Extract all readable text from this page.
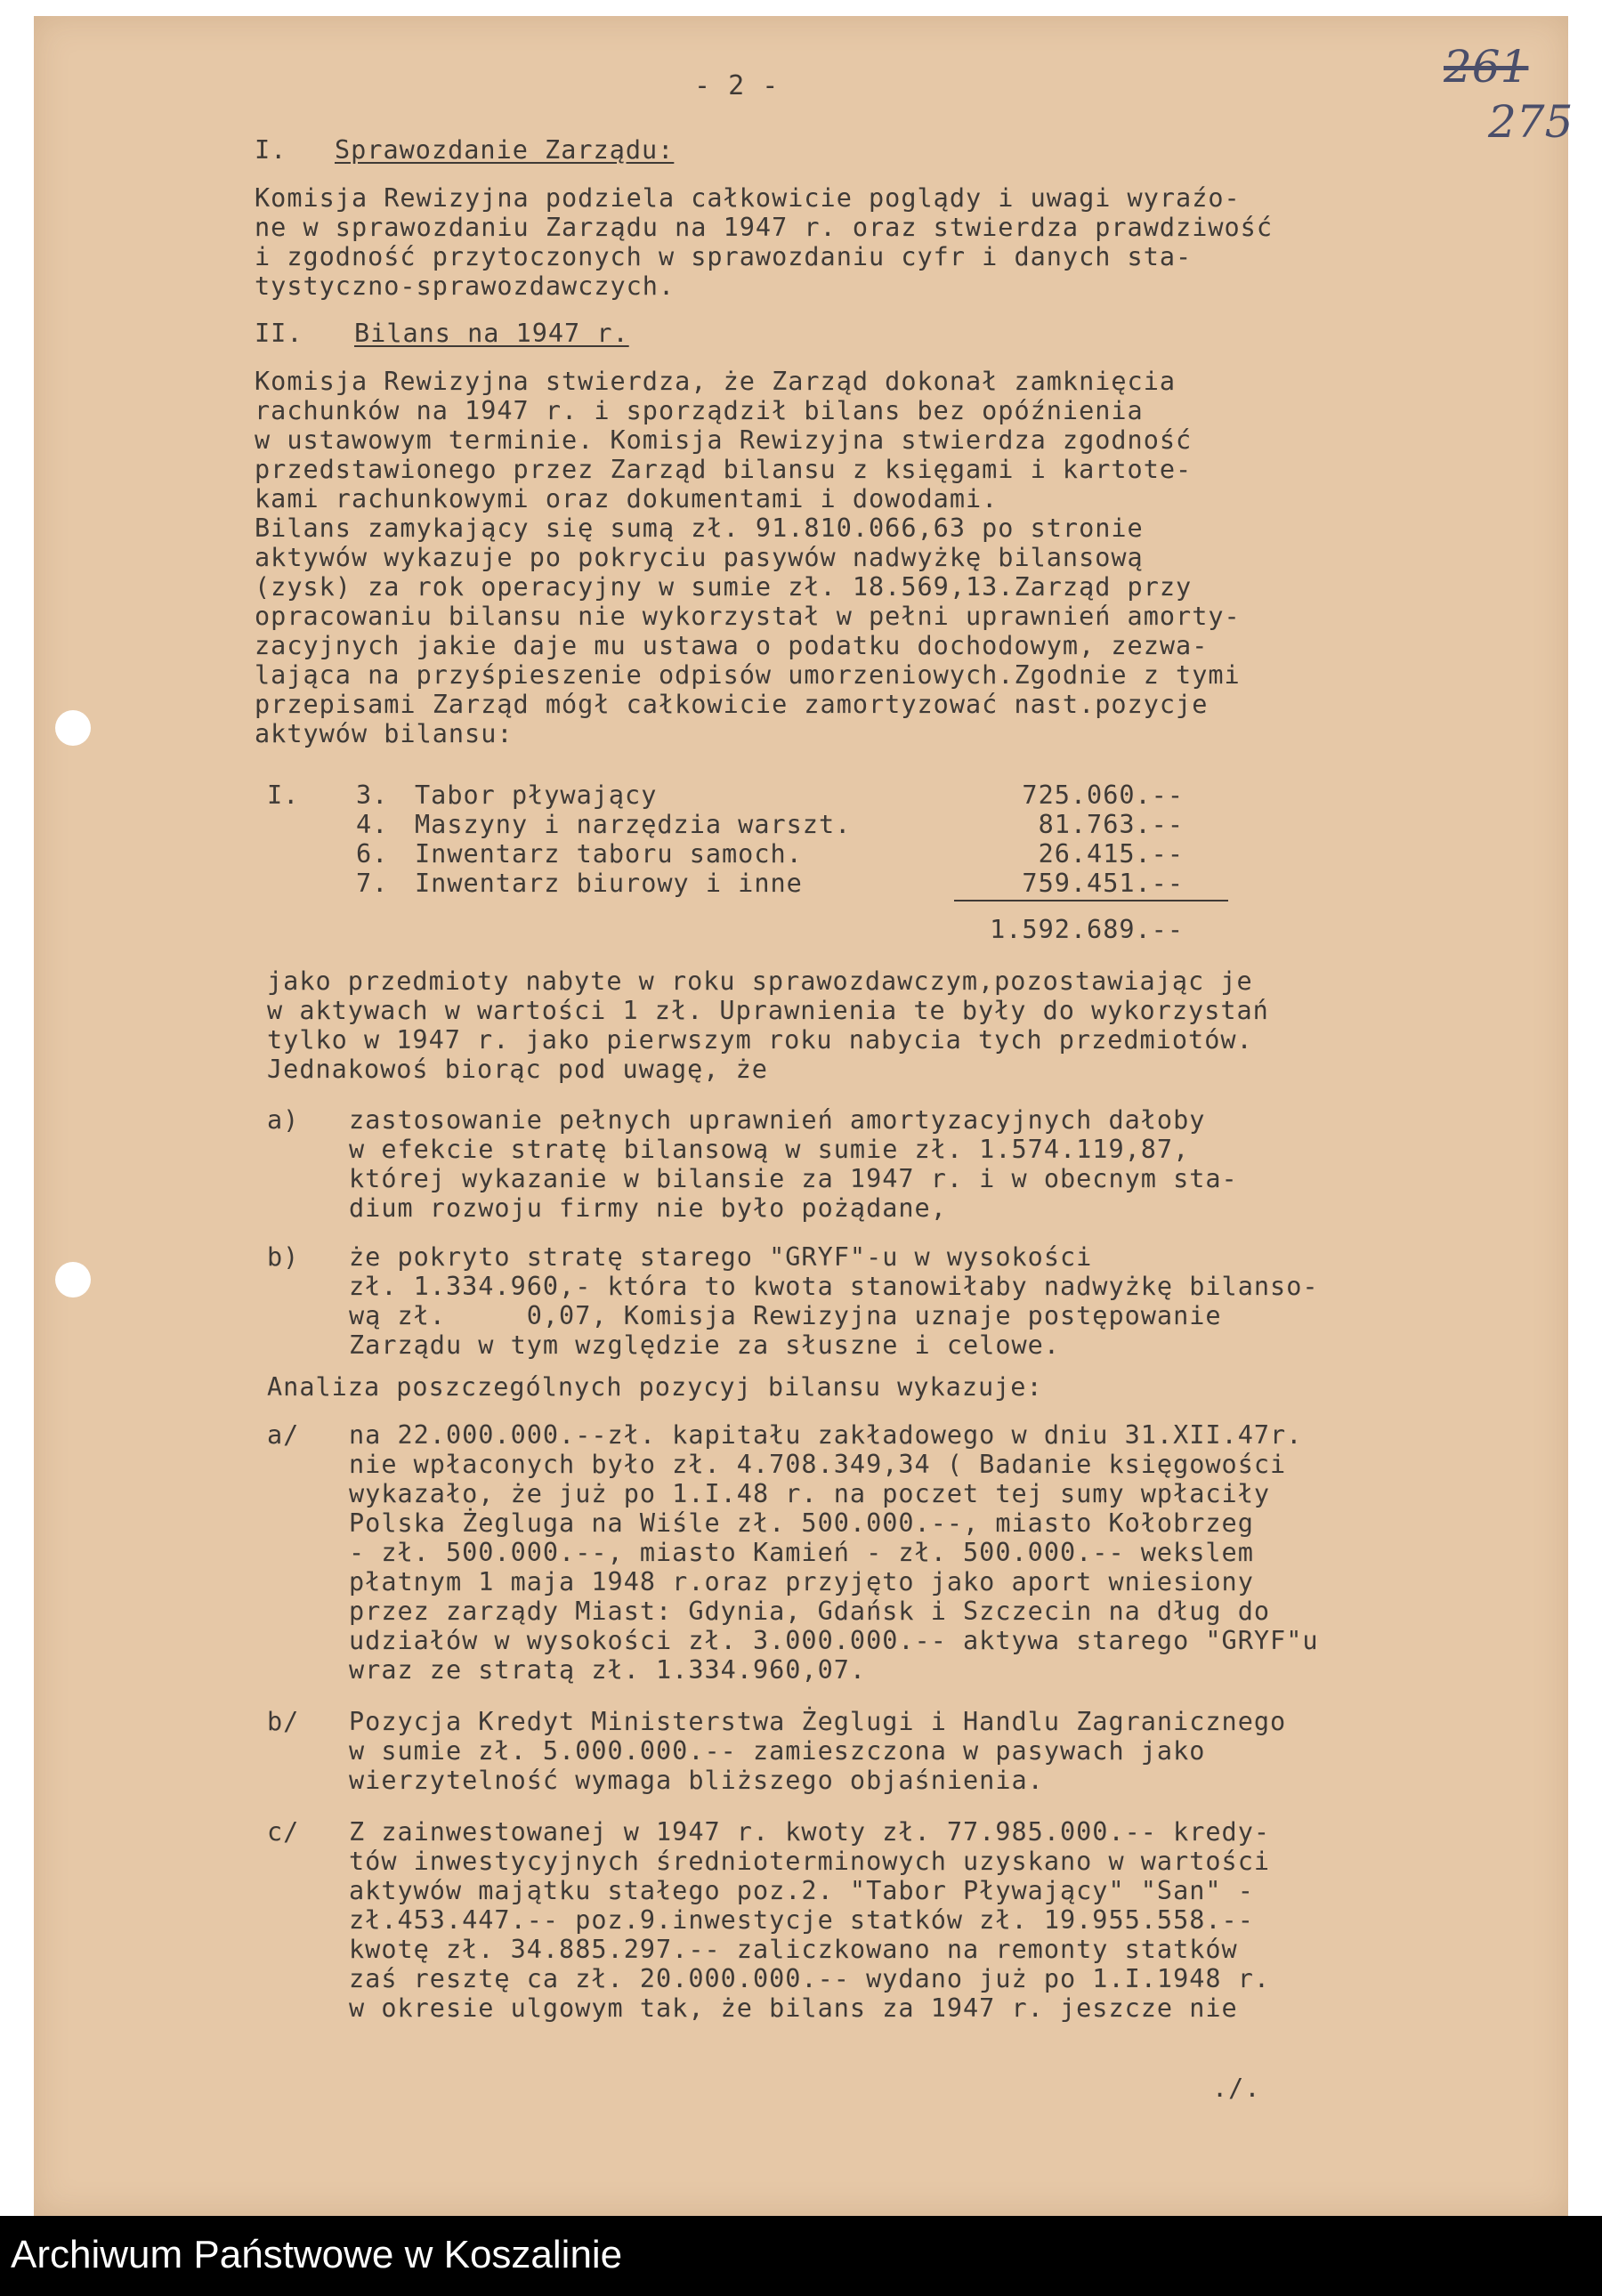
- 2 -	261
275
I. Sprawozdanie Zarządu:
Komisja Rewizyjna podziela całkowicie poglądy i uwagi wyraźo-
ne w sprawozdaniu Zarządu na 1947 r. oraz stwierdza prawdziwość
i zgodność przytoczonych w sprawozdaniu cyfr i danych sta-
tystyczno-sprawozdawczych.
II. Bilans na 1947 r.
Komisja Rewizyjna stwierdza, że Zarząd dokonał zamknięcia
rachunków na 1947 r. i sporządził bilans bez opóźnienia
w ustawowym terminie. Komisja Rewizyjna stwierdza zgodność
przedstawionego przez Zarząd bilansu z księgami i kartote-
kami rachunkowymi oraz dokumentami i dowodami.
Bilans zamykający się sumą zł. 91.810.066,63 po stronie
aktywów wykazuje po pokryciu pasywów nadwyżkę bilansową
(zysk) za rok operacyjny w sumie zł. 18.569,13.Zarząd przy
opracowaniu bilansu nie wykorzystał w pełni uprawnień amorty-
zacyjnych jakie daje mu ustawa o podatku dochodowym, zezwa-
lająca na przyśpieszenie odpisów umorzeniowych.Zgodnie z tymi
przepisami Zarząd mógł całkowicie zamortyzować nast.pozycje
aktywów bilansu:
I. 3. Tabor pływający	725.060.--
4. Maszyny i narzędzia warszt.	81.763.--
6. Inwentarz taboru samoch.	26.415.--
7. Inwentarz biurowy i inne	759.451.--
1.592.689.--
jako przedmioty nabyte w roku sprawozdawczym,pozostawiając je
w aktywach w wartości 1 zł. Uprawnienia te były do wykorzystań
tylko w 1947 r. jako pierwszym roku nabycia tych przedmiotów.
Jednakowoś biorąc pod uwagę, że
a) zastosowanie pełnych uprawnień amortyzacyjnych dałoby
w efekcie stratę bilansową w sumie zł. 1.574.119,87,
której wykazanie w bilansie za 1947 r. i w obecnym sta-
dium rozwoju firmy nie było pożądane,
b) że pokryto stratę starego "GRYF"-u w wysokości
zł. 1.334.960,- która to kwota stanowiłaby nadwyżkę bilanso-
wą zł.     0,07, Komisja Rewizyjna uznaje postępowanie
Zarządu w tym względzie za słuszne i celowe.
Analiza poszczególnych pozycyj bilansu wykazuje:
a/ na 22.000.000.--zł. kapitału zakładowego w dniu 31.XII.47r.
nie wpłaconych było zł. 4.708.349,34 ( Badanie księgowości
wykazało, że już po 1.I.48 r. na poczet tej sumy wpłaciły
Polska Żegluga na Wiśle zł. 500.000.--, miasto Kołobrzeg
- zł. 500.000.--, miasto Kamień - zł. 500.000.-- wekslem
płatnym 1 maja 1948 r.oraz przyjęto jako aport wniesiony
przez zarządy Miast: Gdynia, Gdańsk i Szczecin na dług do
udziałów w wysokości zł. 3.000.000.-- aktywa starego "GRYF"u
wraz ze stratą zł. 1.334.960,07.
b/ Pozycja Kredyt Ministerstwa Żeglugi i Handlu Zagranicznego
w sumie zł. 5.000.000.-- zamieszczona w pasywach jako
wierzytelność wymaga bliższego objaśnienia.
c/ Z zainwestowanej w 1947 r. kwoty zł. 77.985.000.-- kredy-
tów inwestycyjnych średnioterminowych uzyskano w wartości
aktywów majątku stałego poz.2. "Tabor Pływający" "San" -
zł.453.447.-- poz.9.inwestycje statków zł. 19.955.558.--
kwotę zł. 34.885.297.-- zaliczkowano na remonty statków
zaś resztę ca zł. 20.000.000.-- wydano już po 1.I.1948 r.
w okresie ulgowym tak, że bilans za 1947 r. jeszcze nie
./.
Archiwum Państwowe w Koszalinie
